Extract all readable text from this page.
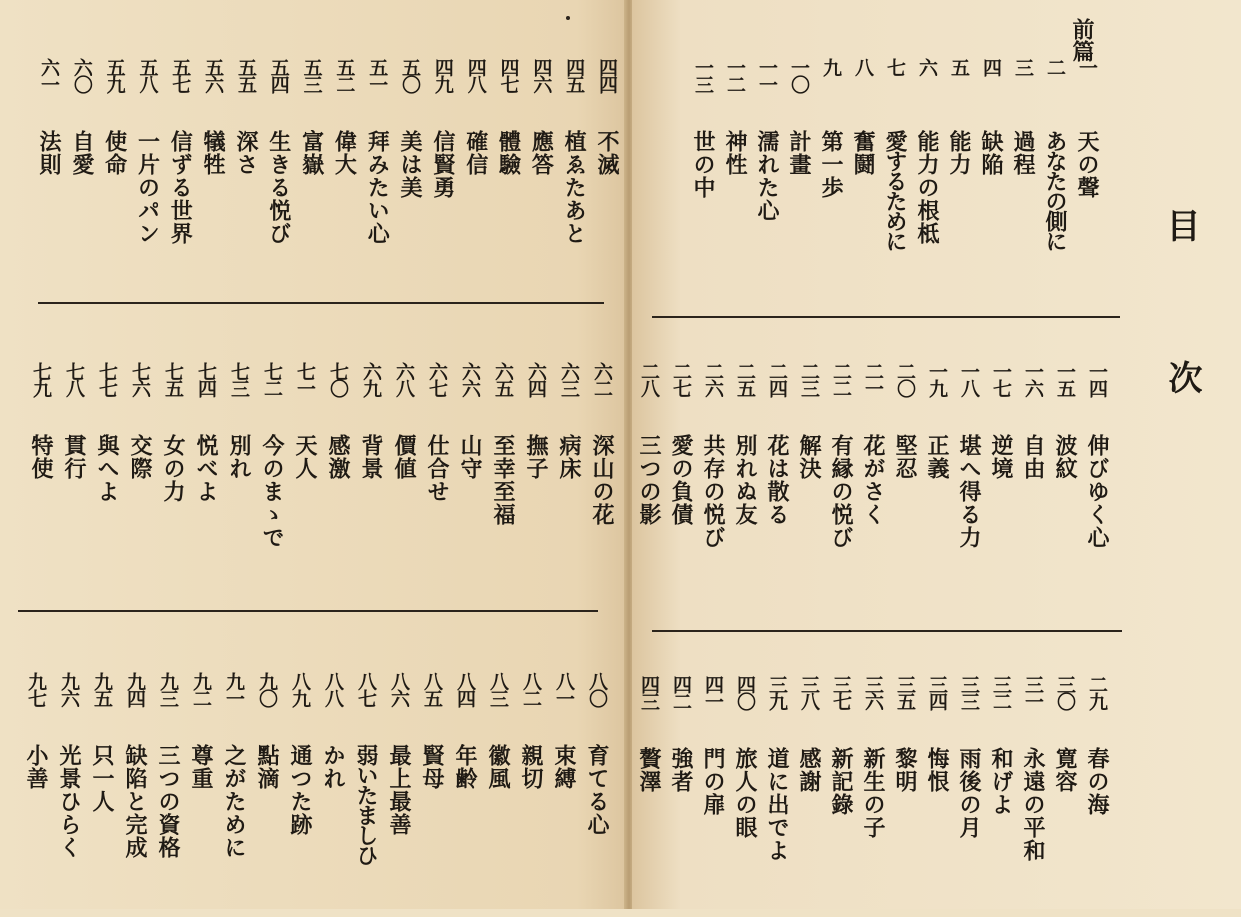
前篇
目
次
一
天の聲
二
あなたの側に
三
過程
四
缺陥
五
能力
六
能力の根柢
七
愛するために
八
奮鬪
九
第一歩
一〇
計畫
一一
濡れた心
一二
神性
一三
世の中
一四
伸びゆく心
一五
波紋
一六
自由
一七
逆境
一八
堪へ得る力
一九
正義
二〇
堅忍
二一
花がさく
二二
有縁の悦び
二三
解決
二四
花は散る
二五
別れぬ友
二六
共存の悦び
二七
愛の負債
二八
三つの影
二九
春の海
三〇
寛容
三一
永遠の平和
三二
和げよ
三三
雨後の月
三四
悔恨
三五
黎明
三六
新生の子
三七
新記錄
三八
感謝
三九
道に出でよ
四〇
旅人の眼
四一
門の扉
四二
強者
四三
贅澤
四四
不滅
四五
植ゑたあと
四六
應答
四七
體驗
四八
確信
四九
信賢勇
五〇
美は美
五一
拜みたい心
五二
偉大
五三
富嶽
五四
生きる悦び
五五
深さ
五六
犠牲
五七
信ずる世界
五八
一片のパン
五九
使命
六〇
自愛
六一
法則
六二
深山の花
六三
病床
六四
撫子
六五
至幸至福
六六
山守
六七
仕合せ
六八
價値
六九
背景
七〇
感激
七一
天人
七二
今のまゝで
七三
別れ
七四
悦べよ
七五
女の力
七六
交際
七七
與へよ
七八
貫行
七九
特使
八〇
育てる心
八一
束縛
八二
親切
八三
徽風
八四
年齢
八五
賢母
八六
最上最善
八七
弱いたましひ
八八
かれ
八九
通つた跡
九〇
點滴
九一
之がために
九二
尊重
九三
三つの資格
九四
缺陷と完成
九五
只一人
九六
光景ひらく
九七
小善
